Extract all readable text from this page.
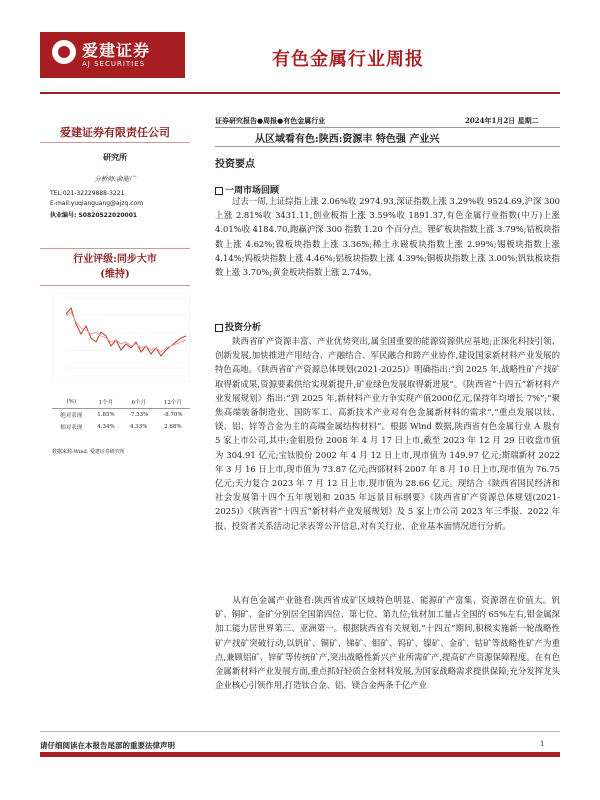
爱建证券
AJ SECURITIES	有色金属行业周报
爱建证券有限责任公司
研究所
分析师:俞能广
TEL:021-32229888-3221
E-mail:yuqianguang@ajzq.com
执业编号: S0820522020001
行业评级:同步大市
(维持)
(%)	1个月	6个月	12个月
绝对表现	1.85%	-7.53%	-8.70%
相对表现	4.34%	4.33%	2.68%
数据来源:Wind, 爱建证券研究所
证券研究报告●周报●有色金属行业	2024年1月2日 星期二
从区域看有色:陕西:资源丰 特色强 产业兴
投资要点
一周市场回顾
过去一周,上证综指上涨 2.06%收 2974.93,深证指数上涨 3.29%收 9524.69,沪深 300 上涨 2.81%收 3431.11,创业板指上涨 3.59%收 1891.37,有色金属行业指数(中万)上涨 4.01%收 4184.70,跑赢沪深 300 指数 1.20 个百分点。锂矿板块指数上涨 3.79%;钴板块指数上涨 4.62%;镍板块指数上涨 3.36%;稀土永磁板块指数上涨 2.99%;锡板块指数上涨 4.14%;钨板块指数上涨 4.46%;铝板块指数上涨 4.39%;铜板块指数上涨 3.00%;钒钛板块指数上涨 3.70%;黄金板块指数上涨 2.74%。
投资分析
陕西省矿产资源丰富、产业优势突出,属全国重要的能源资源供应基地;正深化科技引领、创新发展,加快推进产用结合、产融结合、军民融合和跨产业协作,建设国家新材料产业发展的特色高地。《陕西省矿产资源总体规划(2021-2025)》明确指出:“到 2025 年,战略性矿产找矿取得新成果,资源要素供给实现新提升,矿业绿色发展取得新进展”。《陕西省“十四五”新材料产业发展规划》指出:“到 2025 年,新材料产业力争实现产值2000亿元,保持年均增长 7%”;“聚焦高端装备制造业、国防军工、高新技术产业对有色金属新材料的需求”,“重点发展以钛、镁、铝、锌等合金为主的高端金属结构材料”。根据 Wind 数据,陕西省有色金属行业 A 股有 5 家上市公司,其中:金钼股份 2008 年 4 月 17 日上市,截至 2023 年 12 月 29 日收盘市值为 304.91 亿元;宝钛股份 2002 年 4 月 12 日上市,现市值为 149.97 亿元;斯瑞新材 2022 年 3 月 16 日上市,现市值为 73.87 亿元;西部材料 2007 年 8 月 10 日上市,现市值为 76.75 亿元;天力复合 2023 年 7 月 12 日上市,现市值为 28.66 亿元。现结合《陕西省国民经济和社会发展第十四个五年规划和 2035 年远景目标纲要》《陕西省矿产资源总体规划(2021-2025)》《陕西省“十四五”新材料产业发展规划》及 5 家上市公司 2023 年三季报、2022 年报、投资者关系活动记录表等公开信息,对有关行业、企业基本面情况进行分析。
从有色金属产业链看:陕西省成矿区域特色明显、能源矿产富集、资源潜在价值大。钒矿、铜矿、金矿分别居全国第四位、第七位、第九位;钛材加工量占全国的 65%左右,钼金属深加工能力居世界第三、亚洲第一。根据陕西省有关规划,“十四五”期间,积极实施新一轮战略性矿产找矿突破行动,以钒矿、铜矿、锑矿、钼矿、钨矿、镍矿、金矿、钴矿等战略性矿产为重点,兼顾铝矿、锌矿等传统矿产,突出战略性新兴产业所需矿产,提高矿产资源保障程度。在有色金属新材料产业发展方面,重点抓好轻质合金材料发展,为国家战略需求提供保障;充分发挥龙头企业核心引领作用,打造钛合金、铝、镁合金两条千亿产业
请仔细阅读在本报告尾部的重要法律声明	1
